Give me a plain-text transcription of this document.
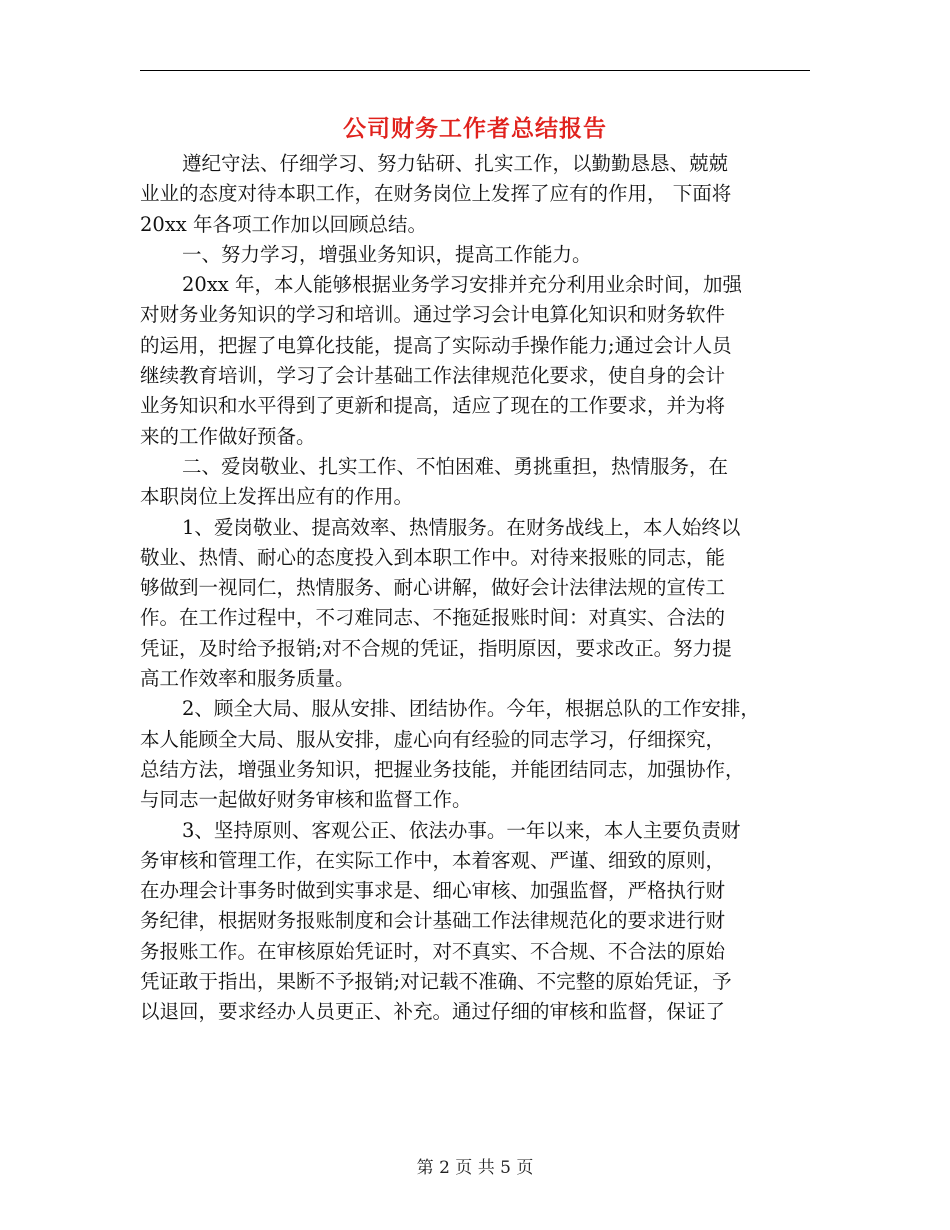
公司财务工作者总结报告
遵纪守法、仔细学习、努力钻研、扎实工作，以勤勤恳恳、兢兢
业业的态度对待本职工作，在财务岗位上发挥了应有的作用， 下面将
20xx 年各项工作加以回顾总结。
一、努力学习，增强业务知识，提高工作能力。
20xx 年，本人能够根据业务学习安排并充分利用业余时间，加强
对财务业务知识的学习和培训。通过学习会计电算化知识和财务软件
的运用，把握了电算化技能，提高了实际动手操作能力;通过会计人员
继续教育培训，学习了会计基础工作法律规范化要求，使自身的会计
业务知识和水平得到了更新和提高，适应了现在的工作要求，并为将
来的工作做好预备。
二、爱岗敬业、扎实工作、不怕困难、勇挑重担，热情服务，在
本职岗位上发挥出应有的作用。
1、爱岗敬业、提高效率、热情服务。在财务战线上，本人始终以
敬业、热情、耐心的态度投入到本职工作中。对待来报账的同志，能
够做到一视同仁，热情服务、耐心讲解，做好会计法律法规的宣传工
作。在工作过程中，不刁难同志、不拖延报账时间：对真实、合法的
凭证，及时给予报销;对不合规的凭证，指明原因，要求改正。努力提
高工作效率和服务质量。
2、顾全大局、服从安排、团结协作。今年，根据总队的工作安排，
本人能顾全大局、服从安排，虚心向有经验的同志学习，仔细探究，
总结方法，增强业务知识，把握业务技能，并能团结同志，加强协作，
与同志一起做好财务审核和监督工作。
3、坚持原则、客观公正、依法办事。一年以来，本人主要负责财
务审核和管理工作，在实际工作中，本着客观、严谨、细致的原则，
在办理会计事务时做到实事求是、细心审核、加强监督，严格执行财
务纪律，根据财务报账制度和会计基础工作法律规范化的要求进行财
务报账工作。在审核原始凭证时，对不真实、不合规、不合法的原始
凭证敢于指出，果断不予报销;对记载不准确、不完整的原始凭证，予
以退回，要求经办人员更正、补充。通过仔细的审核和监督，保证了
第 2 页 共 5 页
